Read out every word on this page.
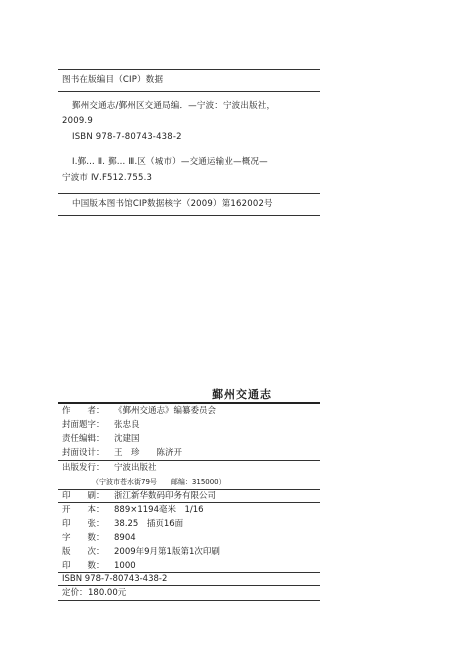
图书在版编目（CIP）数据
鄞州交通志/鄞州区交通局编．—宁波：宁波出版社，
2009.9
ISBN 978-7-80743-438-2
Ⅰ.鄞… Ⅱ. 鄞… Ⅲ.区（城市）—交通运输业—概况—
宁波市 Ⅳ.F512.755.3
中国版本图书馆CIP数据核字（2009）第162002号
鄞州交通志
作　　者： 《鄞州交通志》编纂委员会
封面题字： 张忠良
责任编辑： 沈建国
封面设计： 王　珍　　陈济开
出版发行： 宁波出版社
（宁波市苍水街79号　　邮编：315000）
印　　刷： 浙江新华数码印务有限公司
开　　本： 889×1194毫米　1/16
印　　张： 38.25　插页16面
字　　数： 8904
版　　次： 2009年9月第1版第1次印刷
印　　数： 1000
ISBN 978-7-80743-438-2
定价：180.00元
